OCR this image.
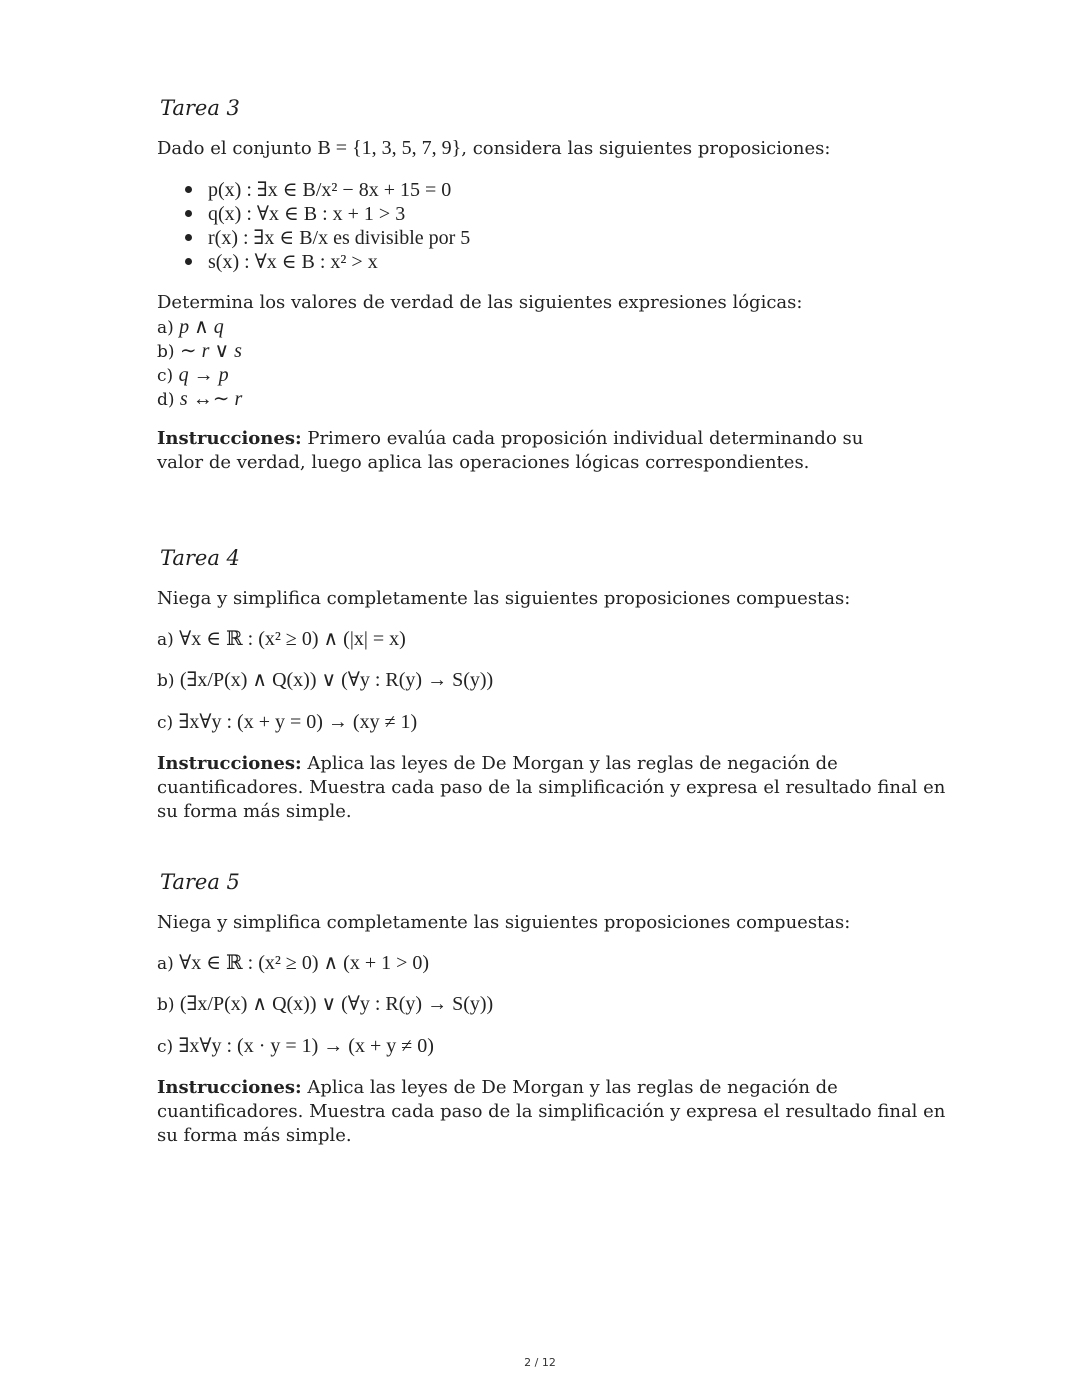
Tarea 3
Dado el conjunto B = {1, 3, 5, 7, 9}, considera las siguientes proposiciones:
p(x) : ∃x ∈ B/x² − 8x + 15 = 0
q(x) : ∀x ∈ B : x + 1 > 3
r(x) : ∃x ∈ B/x es divisible por 5
s(x) : ∀x ∈ B : x² > x
Determina los valores de verdad de las siguientes expresiones lógicas:
a) p ∧ q
b) ∼ r ∨ s
c) q → p
d) s ↔∼ r
Instrucciones: Primero evalúa cada proposición individual determinando su valor de verdad, luego aplica las operaciones lógicas correspondientes.
Tarea 4
Niega y simplifica completamente las siguientes proposiciones compuestas:
a) ∀x ∈ ℝ : (x² ≥ 0) ∧ (|x| = x)
b) (∃x/P(x) ∧ Q(x)) ∨ (∀y : R(y) → S(y))
c) ∃x∀y : (x + y = 0) → (xy ≠ 1)
Instrucciones: Aplica las leyes de De Morgan y las reglas de negación de cuantificadores. Muestra cada paso de la simplificación y expresa el resultado final en su forma más simple.
Tarea 5
Niega y simplifica completamente las siguientes proposiciones compuestas:
a) ∀x ∈ ℝ : (x² ≥ 0) ∧ (x + 1 > 0)
b) (∃x/P(x) ∧ Q(x)) ∨ (∀y : R(y) → S(y))
c) ∃x∀y : (x · y = 1) → (x + y ≠ 0)
Instrucciones: Aplica las leyes de De Morgan y las reglas de negación de cuantificadores. Muestra cada paso de la simplificación y expresa el resultado final en su forma más simple.
2 / 12
